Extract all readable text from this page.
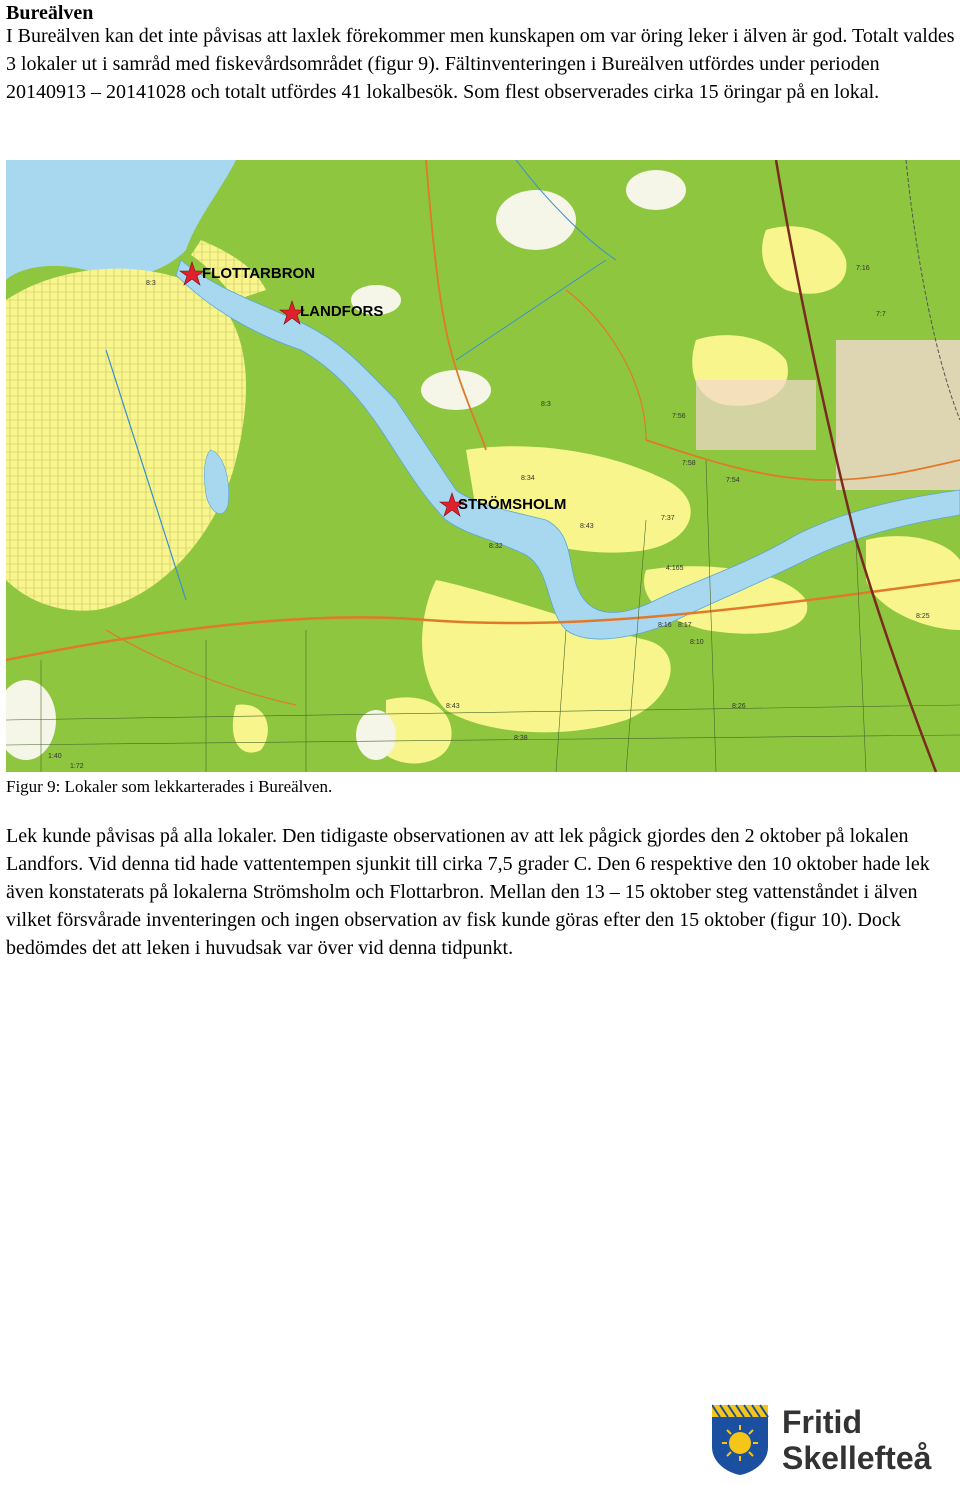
Bureälven

I Bureälven kan det inte påvisas att laxlek förekommer men kunskapen om var öring leker i älven är god. Totalt valdes 3 lokaler ut i samråd med fiskevårdsområdet (figur 9). Fältinventeringen i Bureälven utfördes under perioden 20140913 – 20141028 och totalt utfördes 41 lokalbesök. Som flest observerades cirka 15 öringar på en lokal.

8:3
8:3
7:16
7:7
7:56
8:34
8:43
8:32
8:43	8:26
8:25
8:16 8:17
8:10
4:165
7:58
7:54
1:40
1:72
8:38
7:37
FLOTTARBRON
LANDFORS
STRÖMSHOLM
Figur 9: Lokaler som lekkarterades i Bureälven.

Lek kunde påvisas på alla lokaler. Den tidigaste observationen av att lek pågick gjordes den 2 oktober på lokalen Landfors. Vid denna tid hade vattentempen sjunkit till cirka 7,5 grader C. Den 6 respektive den 10 oktober hade lek även konstaterats på lokalerna Strömsholm och Flottarbron. Mellan den 13 – 15 oktober steg vattenståndet i älven vilket försvårade inventeringen och ingen observation av fisk kunde göras efter den 15 oktober (figur 10). Dock bedömdes det att leken i huvudsak var över vid denna tidpunkt.

Fritid
Skellefteå
